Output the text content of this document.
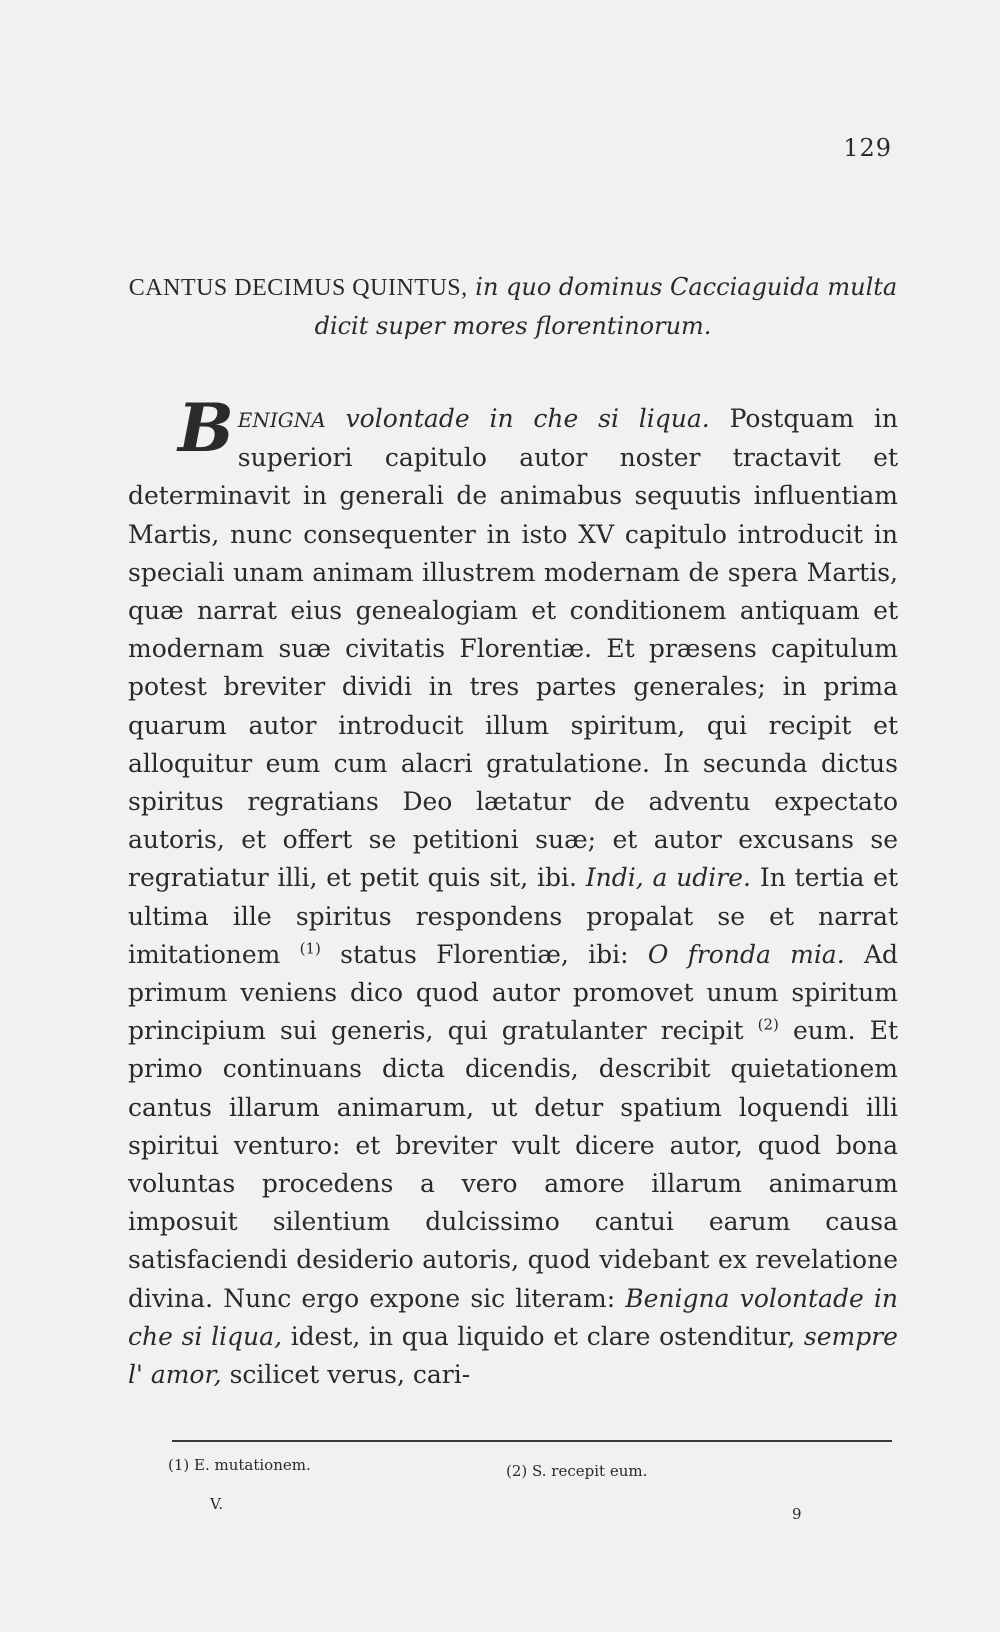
129
CANTUS DECIMUS QUINTUS, in quo dominus Cacciaguida multa dicit super mores florentinorum.

BENIGNA volontade in che si liqua. Postquam in superiori capitulo autor noster tractavit et determinavit in generali de animabus sequutis influentiam Martis, nunc consequenter in isto XV capitulo introducit in speciali unam animam illustrem modernam de spera Martis, quæ narrat eius genealogiam et conditionem antiquam et modernam suæ civitatis Florentiæ. Et præsens capitulum potest breviter dividi in tres partes generales; in prima quarum autor introducit illum spiritum, qui recipit et alloquitur eum cum alacri gratulatione. In secunda dictus spiritus regratians Deo lætatur de adventu expectato autoris, et offert se petitioni suæ; et autor excusans se regratiatur illi, et petit quis sit, ibi. Indi, a udire. In tertia et ultima ille spiritus respondens propalat se et narrat imitationem $^{(1)}$ status Florentiæ, ibi: O fronda mia. Ad primum veniens dico quod autor promovet unum spiritum principium sui generis, qui gratulanter recipit $^{(2)}$ eum. Et primo continuans dicta dicendis, describit quietationem cantus illarum animarum, ut detur spatium loquendi illi spiritui venturo: et breviter vult dicere autor, quod bona voluntas procedens a vero amore illarum animarum imposuit silentium dulcissimo cantui earum causa satisfaciendi desiderio autoris, quod videbant ex revelatione divina. Nunc ergo expone sic literam: Benigna volontade in che si liqua, idest, in qua liquido et clare ostenditur, sempre l' amor, scilicet verus, cari-

(1) E. mutationem.	(2) S. recepit eum.
V.
9
